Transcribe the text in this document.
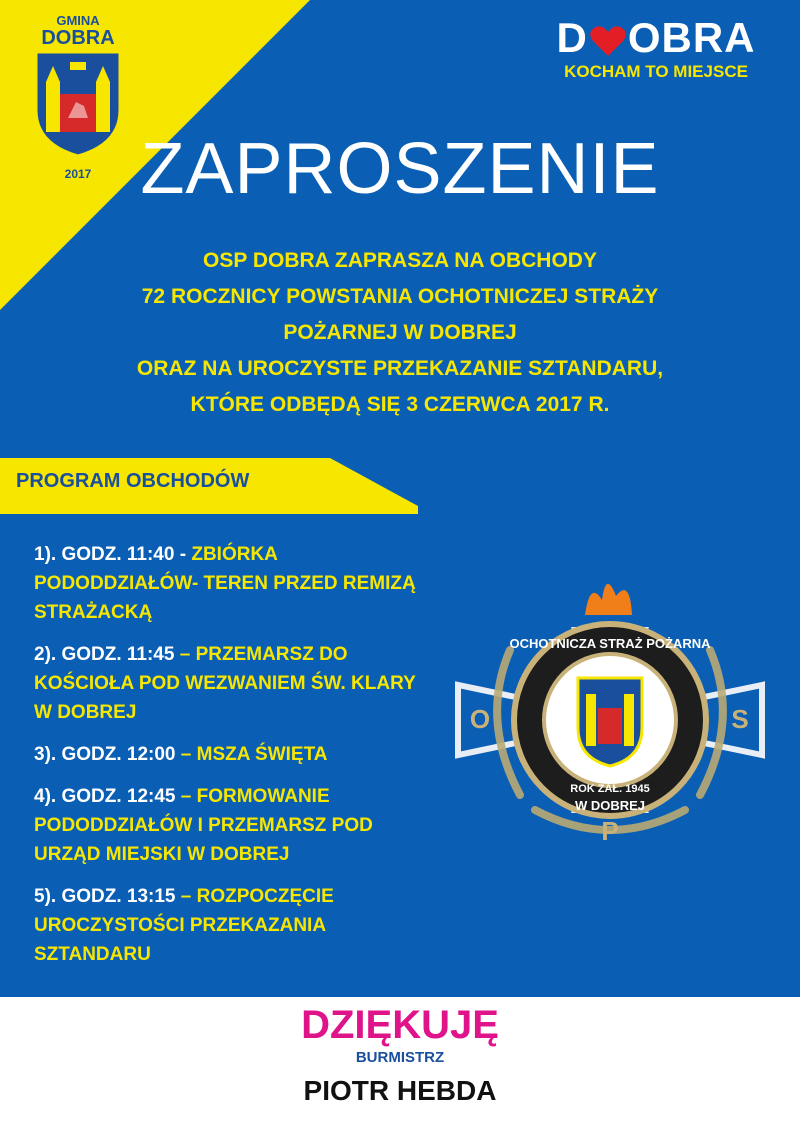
GMINA
DOBRA
2017
D OBRA
KOCHAM TO MIEJSCE
ZAPROSZENIE
OSP DOBRA ZAPRASZA NA OBCHODY
72 ROCZNICY POWSTANIA OCHOTNICZEJ STRAŻY
POŻARNEJ W DOBREJ
ORAZ NA UROCZYSTE PRZEKAZANIE SZTANDARU,
KTÓRE ODBĘDĄ SIĘ 3 CZERWCA 2017 R.
PROGRAM OBCHODÓW
1). GODZ. 11:40 - ZBIÓRKA PODODDZIAŁÓW- TEREN PRZED REMIZĄ STRAŻACKĄ
2). GODZ. 11:45 – PRZEMARSZ DO KOŚCIOŁA POD WEZWANIEM ŚW. KLARY W DOBREJ
3). GODZ. 12:00 – MSZA ŚWIĘTA
4). GODZ. 12:45 – FORMOWANIE PODODDZIAŁÓW I PRZEMARSZ POD URZĄD MIEJSKI W DOBREJ
5). GODZ. 13:15 – ROZPOCZĘCIE UROCZYSTOŚCI PRZEKAZANIA SZTANDARU
OCHOTNICZA STRAŻ POŻARNA
ROK ZAŁ. 1945
W DOBREJ
O	S
P
DZIĘKUJĘ
BURMISTRZ
PIOTR HEBDA
